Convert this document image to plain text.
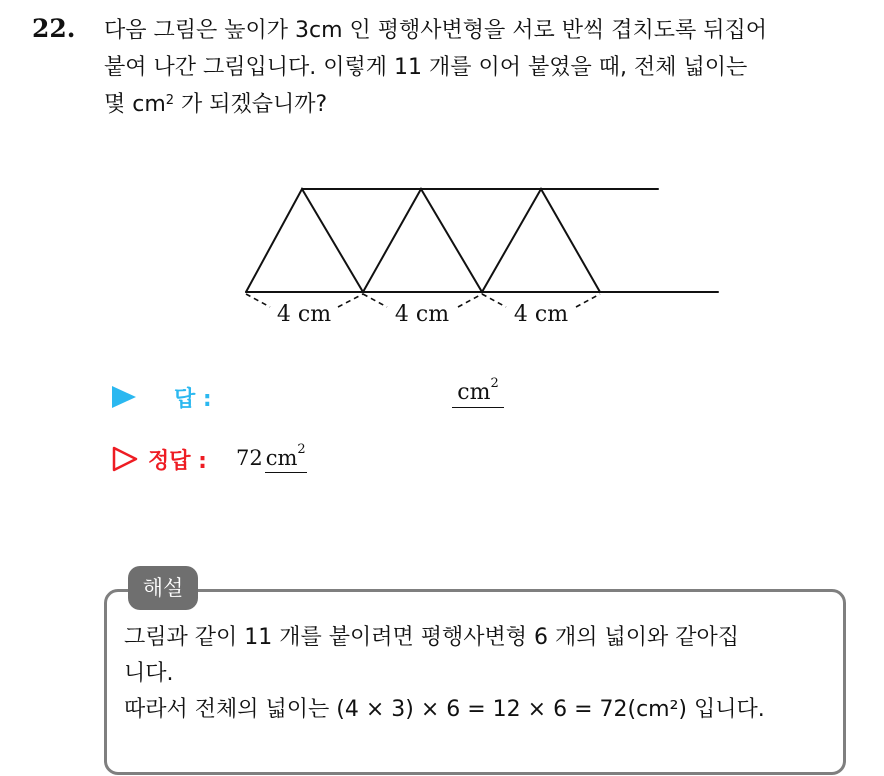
22. 다음 그림은 높이가 3cm 인 평행사변형을 서로 반씩 겹치도록 뒤집어
붙여 나간 그림입니다. 이렇게 11 개를 이어 붙였을 때, 전체 넓이는
몇 $cm^2$ 가 되겠습니까?
4 cm	4 cm	4 cm
답 :	$cm^2$
정답 : 72 $cm^2$
해설
그림과 같이 11 개를 붙이려면 평행사변형 6 개의 넓이와 같아집
니다.
따라서 전체의 넓이는 (4 × 3) × 6 = 12 × 6 = 72(cm²) 입니다.
